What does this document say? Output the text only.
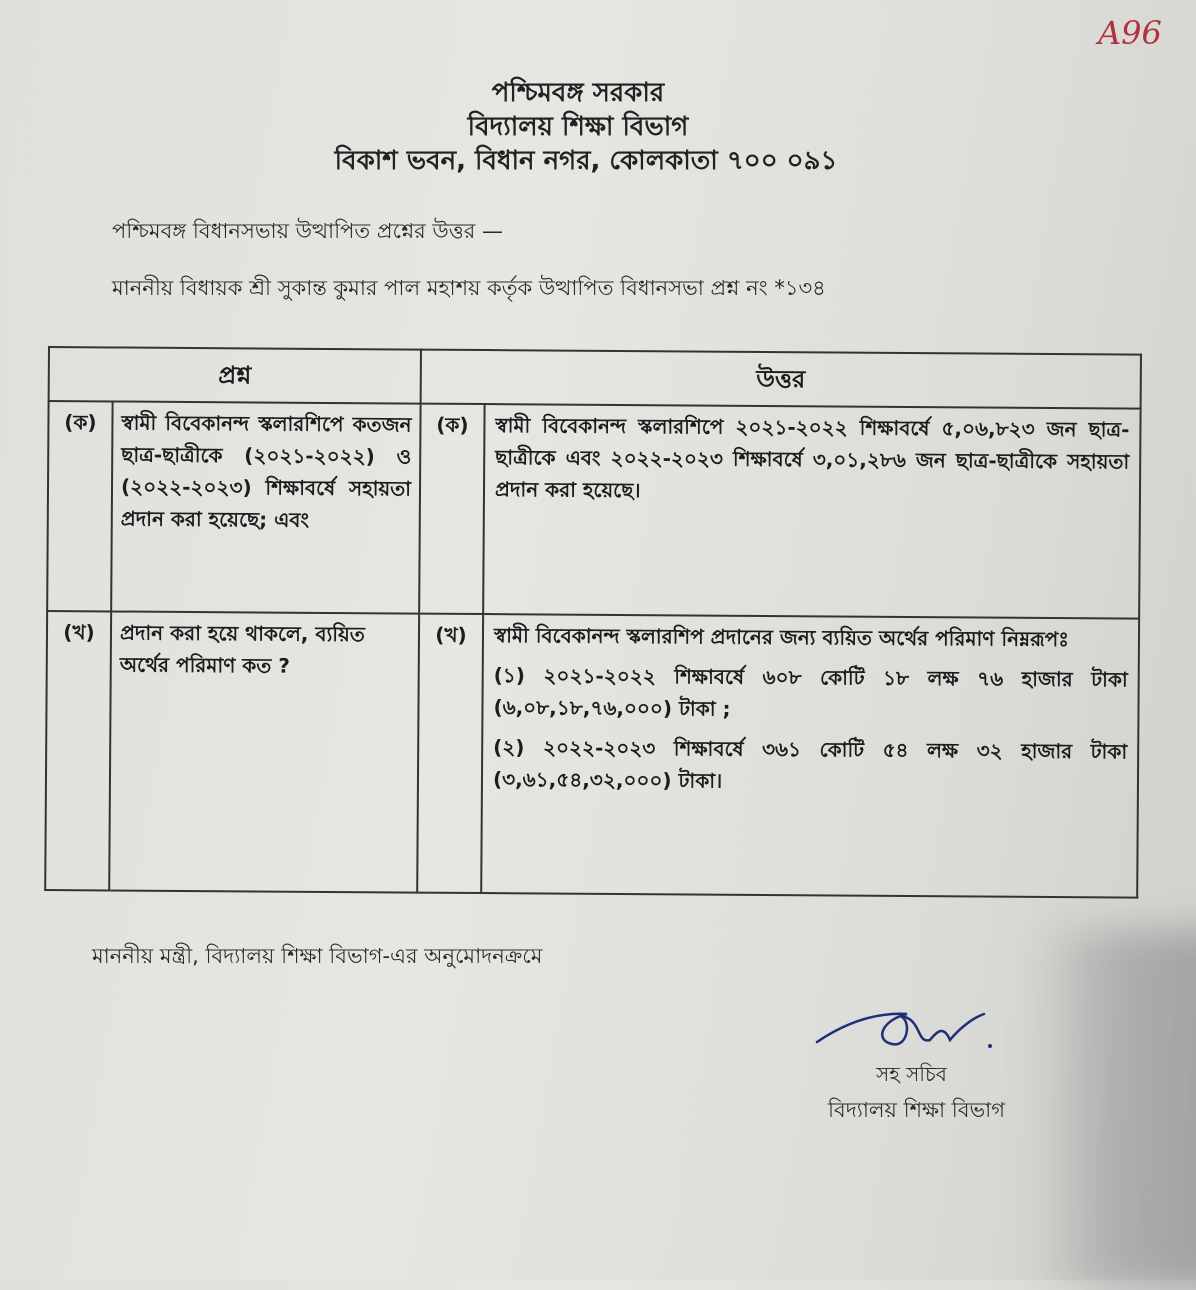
A96
পশ্চিমবঙ্গ সরকার
বিদ্যালয় শিক্ষা বিভাগ
বিকাশ ভবন, বিধান নগর, কোলকাতা ৭০০ ০৯১
পশ্চিমবঙ্গ বিধানসভায় উত্থাপিত প্রশ্নের উত্তর —
মাননীয় বিধায়ক শ্রী সুকান্ত কুমার পাল মহাশয় কর্তৃক উত্থাপিত বিধানসভা প্রশ্ন নং *১৩৪
প্রশ্ন		উত্তর	
(ক)	স্বামী বিবেকানন্দ স্কলারশিপে কতজন ছাত্র-ছাত্রীকে (২০২১-২০২২) ও (২০২২-২০২৩) শিক্ষাবর্ষে সহায়তা প্রদান করা হয়েছে; এবং	(ক)	স্বামী বিবেকানন্দ স্কলারশিপে ২০২১-২০২২ শিক্ষাবর্ষে ৫,০৬,৮২৩ জন ছাত্র-ছাত্রীকে এবং ২০২২-২০২৩ শিক্ষাবর্ষে ৩,০১,২৮৬ জন ছাত্র-ছাত্রীকে সহায়তা প্রদান করা হয়েছে।

(খ)	প্রদান করা হয়ে থাকলে, ব্যয়িত অর্থের পরিমাণ কত ?	(খ)	স্বামী বিবেকানন্দ স্কলারশিপ প্রদানের জন্য ব্যয়িত অর্থের পরিমাণ নিম্নরূপঃ

(১) ২০২১-২০২২ শিক্ষাবর্ষে ৬০৮ কোটি ১৮ লক্ষ ৭৬ হাজার টাকা (৬,০৮,১৮,৭৬,০০০) টাকা ;

(২) ২০২২-২০২৩ শিক্ষাবর্ষে ৩৬১ কোটি ৫৪ লক্ষ ৩২ হাজার টাকা (৩,৬১,৫৪,৩২,০০০) টাকা।

মাননীয় মন্ত্রী, বিদ্যালয় শিক্ষা বিভাগ-এর অনুমোদনক্রমে
সহ সচিব
বিদ্যালয় শিক্ষা বিভাগ
